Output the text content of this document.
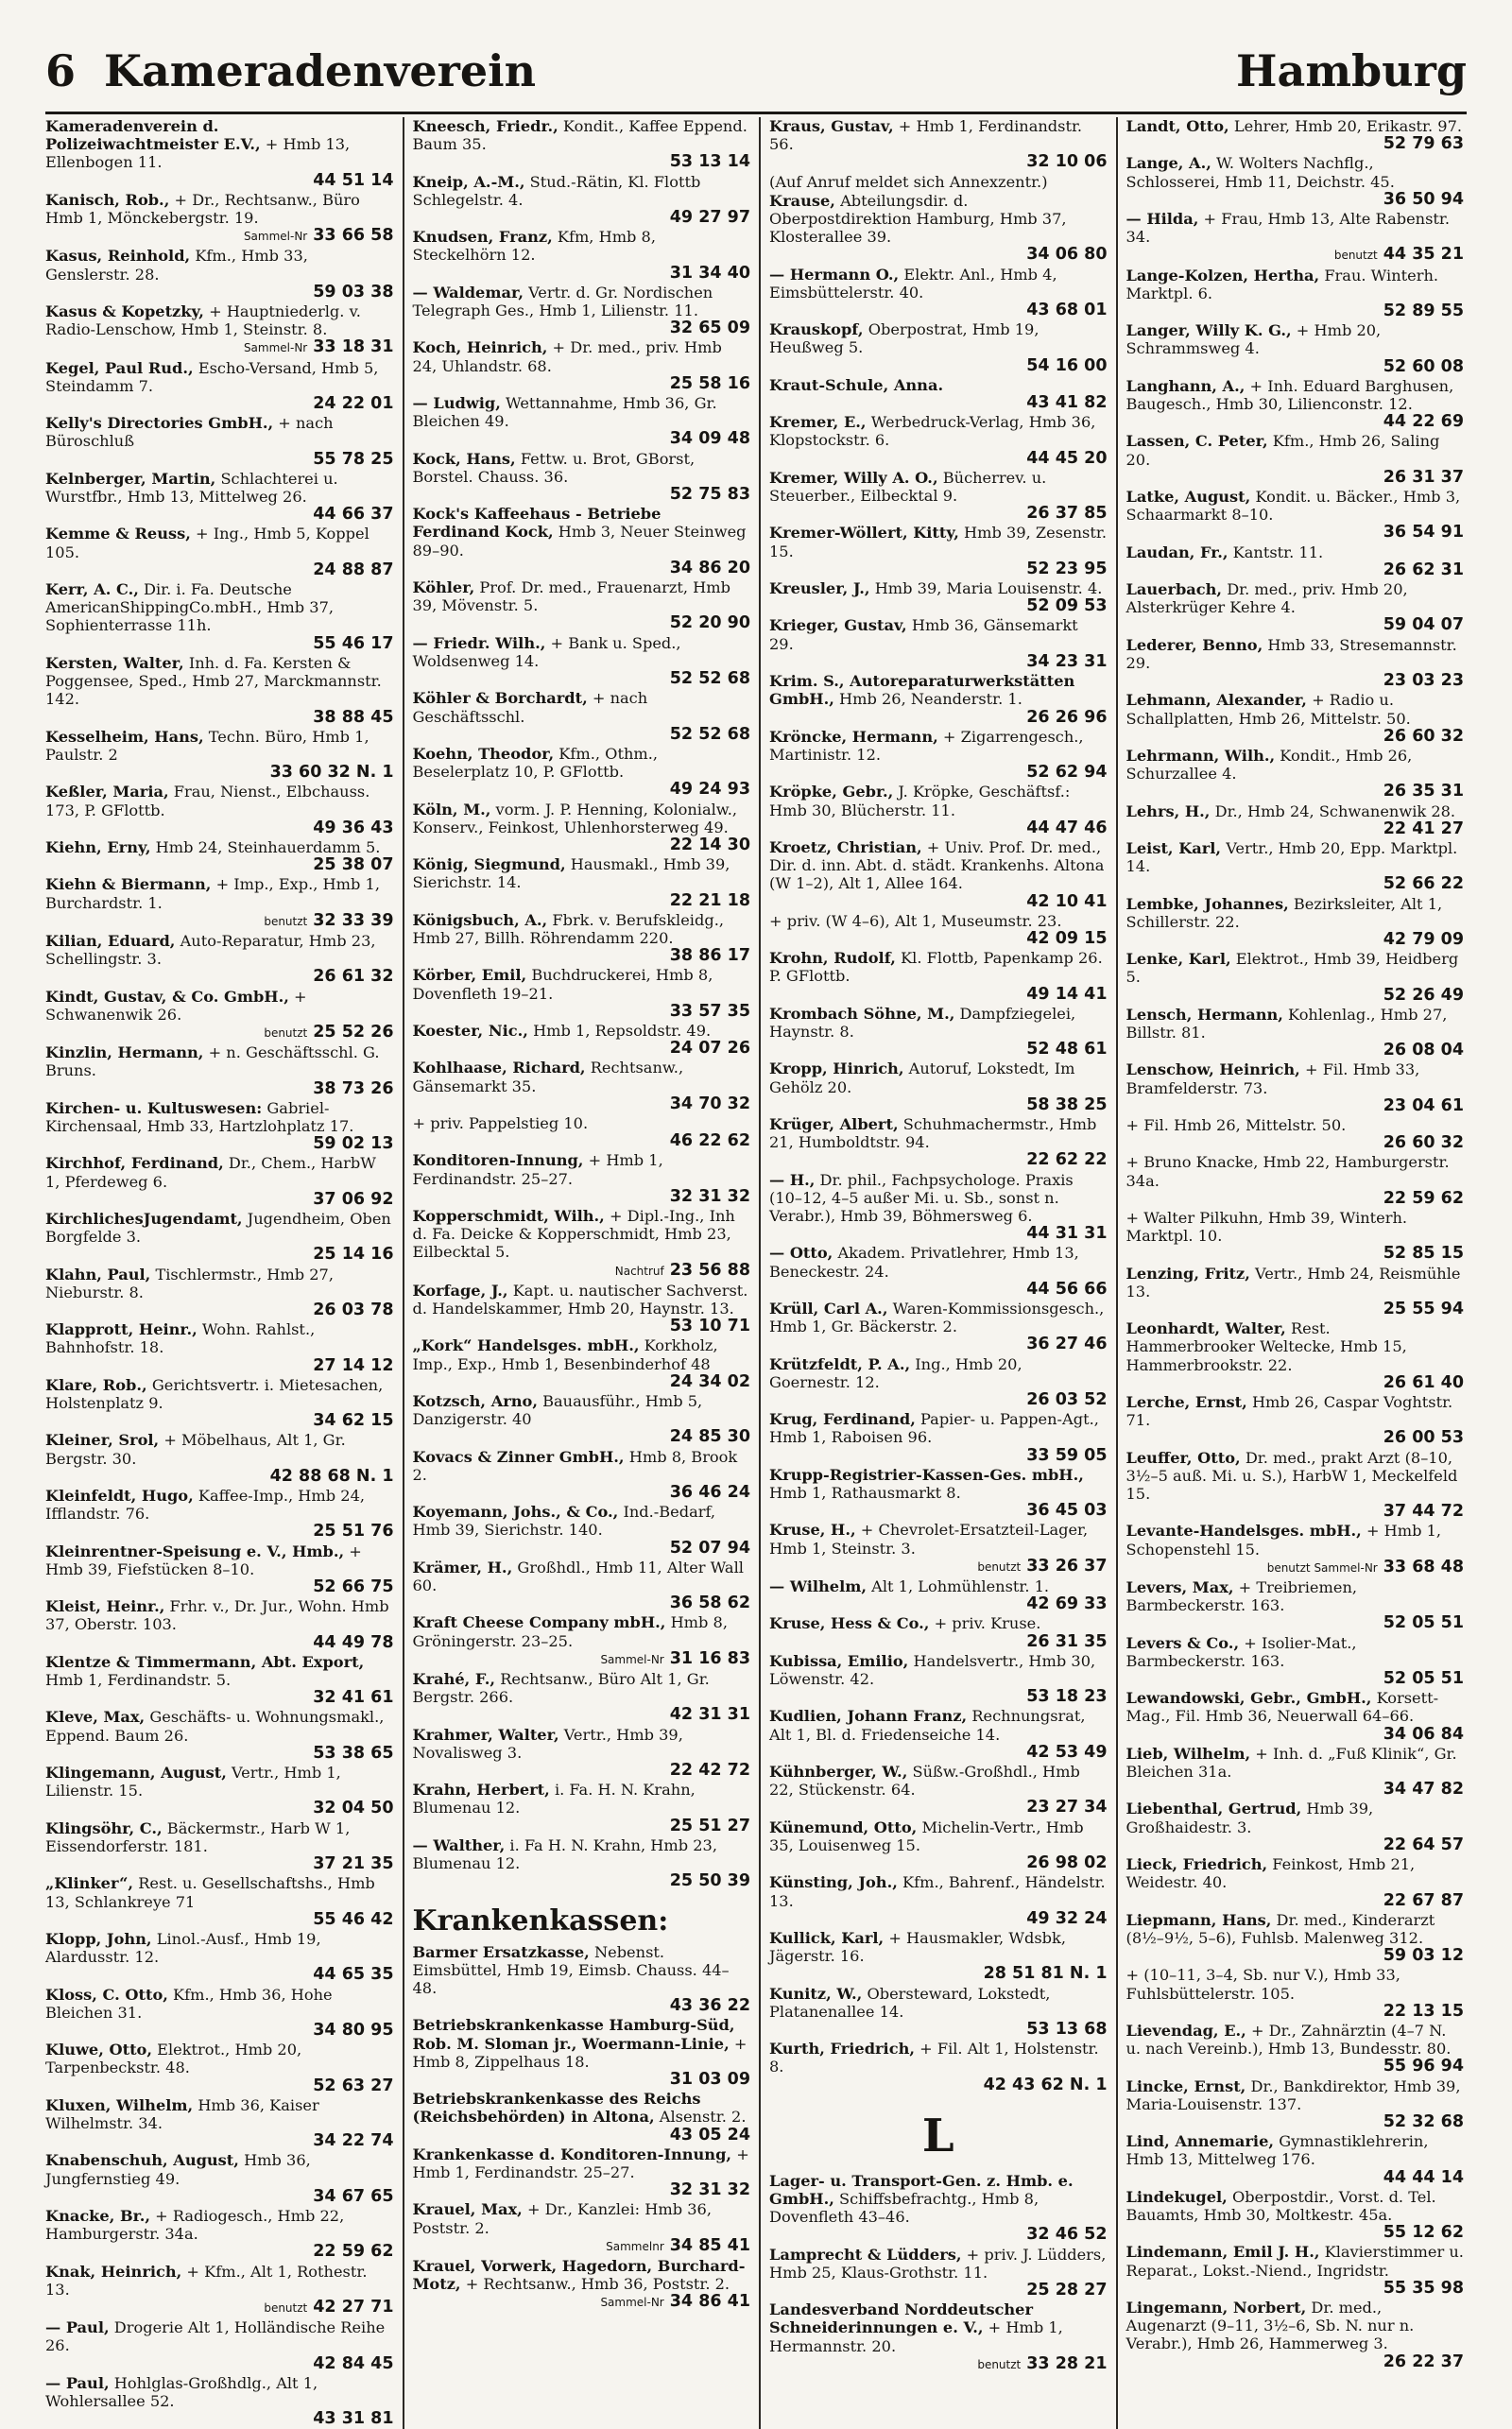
6 Kameradenverein	Hamburg
Kameradenverein d. Polizeiwachtmeister E.V., + Hmb 13, Ellenbogen 11.
44 51 14
Kanisch, Rob., + Dr., Rechtsanw., Büro Hmb 1, Mönckebergstr. 19.
Sammel-Nr 33 66 58
Kasus, Reinhold, Kfm., Hmb 33, Genslerstr. 28.
59 03 38
Kasus & Kopetzky, + Hauptniederlg. v. Radio-Lenschow, Hmb 1, Steinstr. 8.
Sammel-Nr 33 18 31
Kegel, Paul Rud., Escho-Versand, Hmb 5, Steindamm 7.
24 22 01
Kelly's Directories GmbH., + nach Büroschluß
55 78 25
Kelnberger, Martin, Schlachterei u. Wurstfbr., Hmb 13, Mittelweg 26.
44 66 37
Kemme & Reuss, + Ing., Hmb 5, Koppel 105.
24 88 87
Kerr, A. C., Dir. i. Fa. Deutsche AmericanShippingCo.mbH., Hmb 37, Sophienterrasse 11h.
55 46 17
Kersten, Walter, Inh. d. Fa. Kersten & Poggensee, Sped., Hmb 27, Marckmannstr. 142.
38 88 45
Kesselheim, Hans, Techn. Büro, Hmb 1, Paulstr. 2
33 60 32 N. 1
Keßler, Maria, Frau, Nienst., Elbchauss. 173, P. GFlottb.
49 36 43
Kiehn, Erny, Hmb 24, Steinhauerdamm 5.
25 38 07
Kiehn & Biermann, + Imp., Exp., Hmb 1, Burchardstr. 1.
benutzt 32 33 39
Kilian, Eduard, Auto-Reparatur, Hmb 23, Schellingstr. 3.
26 61 32
Kindt, Gustav, & Co. GmbH., + Schwanenwik 26.
benutzt 25 52 26
Kinzlin, Hermann, + n. Geschäftsschl. G. Bruns.
38 73 26
Kirchen- u. Kultuswesen: Gabriel-Kirchensaal, Hmb 33, Hartzlohplatz 17.
59 02 13
Kirchhof, Ferdinand, Dr., Chem., HarbW 1, Pferdeweg 6.
37 06 92
KirchlichesJugendamt, Jugendheim, Oben Borgfelde 3.
25 14 16
Klahn, Paul, Tischlermstr., Hmb 27, Nieburstr. 8.
26 03 78
Klapprott, Heinr., Wohn. Rahlst., Bahnhofstr. 18.
27 14 12
Klare, Rob., Gerichtsvertr. i. Mietesachen, Holstenplatz 9.
34 62 15
Kleiner, Srol, + Möbelhaus, Alt 1, Gr. Bergstr. 30.
42 88 68 N. 1
Kleinfeldt, Hugo, Kaffee-Imp., Hmb 24, Ifflandstr. 76.
25 51 76
Kleinrentner-Speisung e. V., Hmb., + Hmb 39, Fiefstücken 8–10.
52 66 75
Kleist, Heinr., Frhr. v., Dr. Jur., Wohn. Hmb 37, Oberstr. 103.
44 49 78
Klentze & Timmermann, Abt. Export, Hmb 1, Ferdinandstr. 5.
32 41 61
Kleve, Max, Geschäfts- u. Wohnungsmakl., Eppend. Baum 26.
53 38 65
Klingemann, August, Vertr., Hmb 1, Lilienstr. 15.
32 04 50
Klingsöhr, C., Bäckermstr., Harb W 1, Eissendorferstr. 181.
37 21 35
„Klinker“, Rest. u. Gesellschaftshs., Hmb 13, Schlankreye 71
55 46 42
Klopp, John, Linol.-Ausf., Hmb 19, Alardusstr. 12.
44 65 35
Kloss, C. Otto, Kfm., Hmb 36, Hohe Bleichen 31.
34 80 95
Kluwe, Otto, Elektrot., Hmb 20, Tarpenbeckstr. 48.
52 63 27
Kluxen, Wilhelm, Hmb 36, Kaiser Wilhelmstr. 34.
34 22 74
Knabenschuh, August, Hmb 36, Jungfernstieg 49.
34 67 65
Knacke, Br., + Radiogesch., Hmb 22, Hamburgerstr. 34a.
22 59 62
Knak, Heinrich, + Kfm., Alt 1, Rothestr. 13.
benutzt 42 27 71
— Paul, Drogerie Alt 1, Holländische Reihe 26.
42 84 45
— Paul, Hohlglas-Großhdlg., Alt 1, Wohlersallee 52.
43 31 81
Kneesch, Friedr., Kondit., Kaffee Eppend. Baum 35.
53 13 14
Kneip, A.-M., Stud.-Rätin, Kl. Flottb Schlegelstr. 4.
49 27 97
Knudsen, Franz, Kfm, Hmb 8, Steckelhörn 12.
31 34 40
— Waldemar, Vertr. d. Gr. Nordischen Telegraph Ges., Hmb 1, Lilienstr. 11.
32 65 09
Koch, Heinrich, + Dr. med., priv. Hmb 24, Uhlandstr. 68.
25 58 16
— Ludwig, Wettannahme, Hmb 36, Gr. Bleichen 49.
34 09 48
Kock, Hans, Fettw. u. Brot, GBorst, Borstel. Chauss. 36.
52 75 83
Kock's Kaffeehaus - Betriebe Ferdinand Kock, Hmb 3, Neuer Steinweg 89–90.
34 86 20
Köhler, Prof. Dr. med., Frauenarzt, Hmb 39, Mövenstr. 5.
52 20 90
— Friedr. Wilh., + Bank u. Sped., Woldsenweg 14.
52 52 68
Köhler & Borchardt, + nach Geschäftsschl.
52 52 68
Koehn, Theodor, Kfm., Othm., Beselerplatz 10, P. GFlottb.
49 24 93
Köln, M., vorm. J. P. Henning, Kolonialw., Konserv., Feinkost, Uhlenhorsterweg 49.
22 14 30
König, Siegmund, Hausmakl., Hmb 39, Sierichstr. 14.
22 21 18
Königsbuch, A., Fbrk. v. Berufskleidg., Hmb 27, Billh. Röhrendamm 220.
38 86 17
Körber, Emil, Buchdruckerei, Hmb 8, Dovenfleth 19–21.
33 57 35
Koester, Nic., Hmb 1, Repsoldstr. 49.
24 07 26
Kohlhaase, Richard, Rechtsanw., Gänsemarkt 35.
34 70 32
+ priv. Pappelstieg 10.
46 22 62
Konditoren-Innung, + Hmb 1, Ferdinandstr. 25–27.
32 31 32
Kopperschmidt, Wilh., + Dipl.-Ing., Inh d. Fa. Deicke & Kopperschmidt, Hmb 23, Eilbecktal 5.
Nachtruf 23 56 88
Korfage, J., Kapt. u. nautischer Sachverst. d. Handelskammer, Hmb 20, Haynstr. 13.
53 10 71
„Kork“ Handelsges. mbH., Korkholz, Imp., Exp., Hmb 1, Besenbinderhof 48
24 34 02
Kotzsch, Arno, Bauausführ., Hmb 5, Danzigerstr. 40
24 85 30
Kovacs & Zinner GmbH., Hmb 8, Brook 2.
36 46 24
Koyemann, Johs., & Co., Ind.-Bedarf, Hmb 39, Sierichstr. 140.
52 07 94
Krämer, H., Großhdl., Hmb 11, Alter Wall 60.
36 58 62
Kraft Cheese Company mbH., Hmb 8, Gröningerstr. 23–25.
Sammel-Nr 31 16 83
Krahé, F., Rechtsanw., Büro Alt 1, Gr. Bergstr. 266.
42 31 31
Krahmer, Walter, Vertr., Hmb 39, Novalisweg 3.
22 42 72
Krahn, Herbert, i. Fa. H. N. Krahn, Blumenau 12.
25 51 27
— Walther, i. Fa H. N. Krahn, Hmb 23, Blumenau 12.
25 50 39
Krankenkassen:
Barmer Ersatzkasse, Nebenst. Eimsbüttel, Hmb 19, Eimsb. Chauss. 44–48.
43 36 22
Betriebskrankenkasse Hamburg-Süd, Rob. M. Sloman jr., Woermann-Linie, + Hmb 8, Zippelhaus 18.
31 03 09
Betriebskrankenkasse des Reichs (Reichsbehörden) in Altona, Alsenstr. 2.
43 05 24
Krankenkasse d. Konditoren-Innung, + Hmb 1, Ferdinandstr. 25–27.
32 31 32
Krauel, Max, + Dr., Kanzlei: Hmb 36, Poststr. 2.
Sammelnr 34 85 41
Krauel, Vorwerk, Hagedorn, Burchard-Motz, + Rechtsanw., Hmb 36, Poststr. 2.
Sammel-Nr 34 86 41
Kraus, Gustav, + Hmb 1, Ferdinandstr. 56.
32 10 06
(Auf Anruf meldet sich Annexzentr.)
Krause, Abteilungsdir. d. Oberpostdirektion Hamburg, Hmb 37, Klosterallee 39.
34 06 80
— Hermann O., Elektr. Anl., Hmb 4, Eimsbüttelerstr. 40.
43 68 01
Krauskopf, Oberpostrat, Hmb 19, Heußweg 5.
54 16 00
Kraut-Schule, Anna.
43 41 82
Kremer, E., Werbedruck-Verlag, Hmb 36, Klopstockstr. 6.
44 45 20
Kremer, Willy A. O., Bücherrev. u. Steuerber., Eilbecktal 9.
26 37 85
Kremer-Wöllert, Kitty, Hmb 39, Zesenstr. 15.
52 23 95
Kreusler, J., Hmb 39, Maria Louisenstr. 4.
52 09 53
Krieger, Gustav, Hmb 36, Gänsemarkt 29.
34 23 31
Krim. S., Autoreparaturwerkstätten GmbH., Hmb 26, Neanderstr. 1.
26 26 96
Kröncke, Hermann, + Zigarrengesch., Martinistr. 12.
52 62 94
Kröpke, Gebr., J. Kröpke, Geschäftsf.: Hmb 30, Blücherstr. 11.
44 47 46
Kroetz, Christian, + Univ. Prof. Dr. med., Dir. d. inn. Abt. d. städt. Krankenhs. Altona (W 1–2), Alt 1, Allee 164.
42 10 41
+ priv. (W 4–6), Alt 1, Museumstr. 23.
42 09 15
Krohn, Rudolf, Kl. Flottb, Papenkamp 26. P. GFlottb.
49 14 41
Krombach Söhne, M., Dampfziegelei, Haynstr. 8.
52 48 61
Kropp, Hinrich, Autoruf, Lokstedt, Im Gehölz 20.
58 38 25
Krüger, Albert, Schuhmachermstr., Hmb 21, Humboldtstr. 94.
22 62 22
— H., Dr. phil., Fachpsychologe. Praxis (10–12, 4–5 außer Mi. u. Sb., sonst n. Verabr.), Hmb 39, Böhmersweg 6.
44 31 31
— Otto, Akadem. Privatlehrer, Hmb 13, Beneckestr. 24.
44 56 66
Krüll, Carl A., Waren-Kommissionsgesch., Hmb 1, Gr. Bäckerstr. 2.
36 27 46
Krützfeldt, P. A., Ing., Hmb 20, Goernestr. 12.
26 03 52
Krug, Ferdinand, Papier- u. Pappen-Agt., Hmb 1, Raboisen 96.
33 59 05
Krupp-Registrier-Kassen-Ges. mbH., Hmb 1, Rathausmarkt 8.
36 45 03
Kruse, H., + Chevrolet-Ersatzteil-Lager, Hmb 1, Steinstr. 3.
benutzt 33 26 37
— Wilhelm, Alt 1, Lohmühlenstr. 1.
42 69 33
Kruse, Hess & Co., + priv. Kruse.
26 31 35
Kubissa, Emilio, Handelsvertr., Hmb 30, Löwenstr. 42.
53 18 23
Kudlien, Johann Franz, Rechnungsrat, Alt 1, Bl. d. Friedenseiche 14.
42 53 49
Kühnberger, W., Süßw.-Großhdl., Hmb 22, Stückenstr. 64.
23 27 34
Künemund, Otto, Michelin-Vertr., Hmb 35, Louisenweg 15.
26 98 02
Künsting, Joh., Kfm., Bahrenf., Händelstr. 13.
49 32 24
Kullick, Karl, + Hausmakler, Wdsbk, Jägerstr. 16.
28 51 81 N. 1
Kunitz, W., Obersteward, Lokstedt, Platanenallee 14.
53 13 68
Kurth, Friedrich, + Fil. Alt 1, Holstenstr. 8.
42 43 62 N. 1
L
Lager- u. Transport-Gen. z. Hmb. e. GmbH., Schiffsbefrachtg., Hmb 8, Dovenfleth 43–46.
32 46 52
Lamprecht & Lüdders, + priv. J. Lüdders, Hmb 25, Klaus-Grothstr. 11.
25 28 27
Landesverband Norddeutscher Schneiderinnungen e. V., + Hmb 1, Hermannstr. 20.
benutzt 33 28 21
Landt, Otto, Lehrer, Hmb 20, Erikastr. 97.
52 79 63
Lange, A., W. Wolters Nachflg., Schlosserei, Hmb 11, Deichstr. 45.
36 50 94
— Hilda, + Frau, Hmb 13, Alte Rabenstr. 34.
benutzt 44 35 21
Lange-Kolzen, Hertha, Frau. Winterh. Marktpl. 6.
52 89 55
Langer, Willy K. G., + Hmb 20, Schrammsweg 4.
52 60 08
Langhann, A., + Inh. Eduard Barghusen, Baugesch., Hmb 30, Lilienconstr. 12.
44 22 69
Lassen, C. Peter, Kfm., Hmb 26, Saling 20.
26 31 37
Latke, August, Kondit. u. Bäcker., Hmb 3, Schaarmarkt 8–10.
36 54 91
Laudan, Fr., Kantstr. 11.
26 62 31
Lauerbach, Dr. med., priv. Hmb 20, Alsterkrüger Kehre 4.
59 04 07
Lederer, Benno, Hmb 33, Stresemannstr. 29.
23 03 23
Lehmann, Alexander, + Radio u. Schallplatten, Hmb 26, Mittelstr. 50.
26 60 32
Lehrmann, Wilh., Kondit., Hmb 26, Schurzallee 4.
26 35 31
Lehrs, H., Dr., Hmb 24, Schwanenwik 28.
22 41 27
Leist, Karl, Vertr., Hmb 20, Epp. Marktpl. 14.
52 66 22
Lembke, Johannes, Bezirksleiter, Alt 1, Schillerstr. 22.
42 79 09
Lenke, Karl, Elektrot., Hmb 39, Heidberg 5.
52 26 49
Lensch, Hermann, Kohlenlag., Hmb 27, Billstr. 81.
26 08 04
Lenschow, Heinrich, + Fil. Hmb 33, Bramfelderstr. 73.
23 04 61
+ Fil. Hmb 26, Mittelstr. 50.
26 60 32
+ Bruno Knacke, Hmb 22, Hamburgerstr. 34a.
22 59 62
+ Walter Pilkuhn, Hmb 39, Winterh. Marktpl. 10.
52 85 15
Lenzing, Fritz, Vertr., Hmb 24, Reismühle 13.
25 55 94
Leonhardt, Walter, Rest. Hammerbrooker Weltecke, Hmb 15, Hammerbrookstr. 22.
26 61 40
Lerche, Ernst, Hmb 26, Caspar Voghtstr. 71.
26 00 53
Leuffer, Otto, Dr. med., prakt Arzt (8–10, 3½–5 auß. Mi. u. S.), HarbW 1, Meckelfeld 15.
37 44 72
Levante-Handelsges. mbH., + Hmb 1, Schopenstehl 15.
benutzt Sammel-Nr 33 68 48
Levers, Max, + Treibriemen, Barmbeckerstr. 163.
52 05 51
Levers & Co., + Isolier-Mat., Barmbeckerstr. 163.
52 05 51
Lewandowski, Gebr., GmbH., Korsett-Mag., Fil. Hmb 36, Neuerwall 64–66.
34 06 84
Lieb, Wilhelm, + Inh. d. „Fuß Klinik“, Gr. Bleichen 31a.
34 47 82
Liebenthal, Gertrud, Hmb 39, Großhaidestr. 3.
22 64 57
Lieck, Friedrich, Feinkost, Hmb 21, Weidestr. 40.
22 67 87
Liepmann, Hans, Dr. med., Kinderarzt (8½–9½, 5–6), Fuhlsb. Malenweg 312.
59 03 12
+ (10–11, 3–4, Sb. nur V.), Hmb 33, Fuhlsbüttelerstr. 105.
22 13 15
Lievendag, E., + Dr., Zahnärztin (4–7 N. u. nach Vereinb.), Hmb 13, Bundesstr. 80.
55 96 94
Lincke, Ernst, Dr., Bankdirektor, Hmb 39, Maria-Louisenstr. 137.
52 32 68
Lind, Annemarie, Gymnastiklehrerin, Hmb 13, Mittelweg 176.
44 44 14
Lindekugel, Oberpostdir., Vorst. d. Tel. Bauamts, Hmb 30, Moltkestr. 45a.
55 12 62
Lindemann, Emil J. H., Klavierstimmer u. Reparat., Lokst.-Niend., Ingridstr.
55 35 98
Lingemann, Norbert, Dr. med., Augenarzt (9–11, 3½–6, Sb. N. nur n. Verabr.), Hmb 26, Hammerweg 3.
26 22 37
